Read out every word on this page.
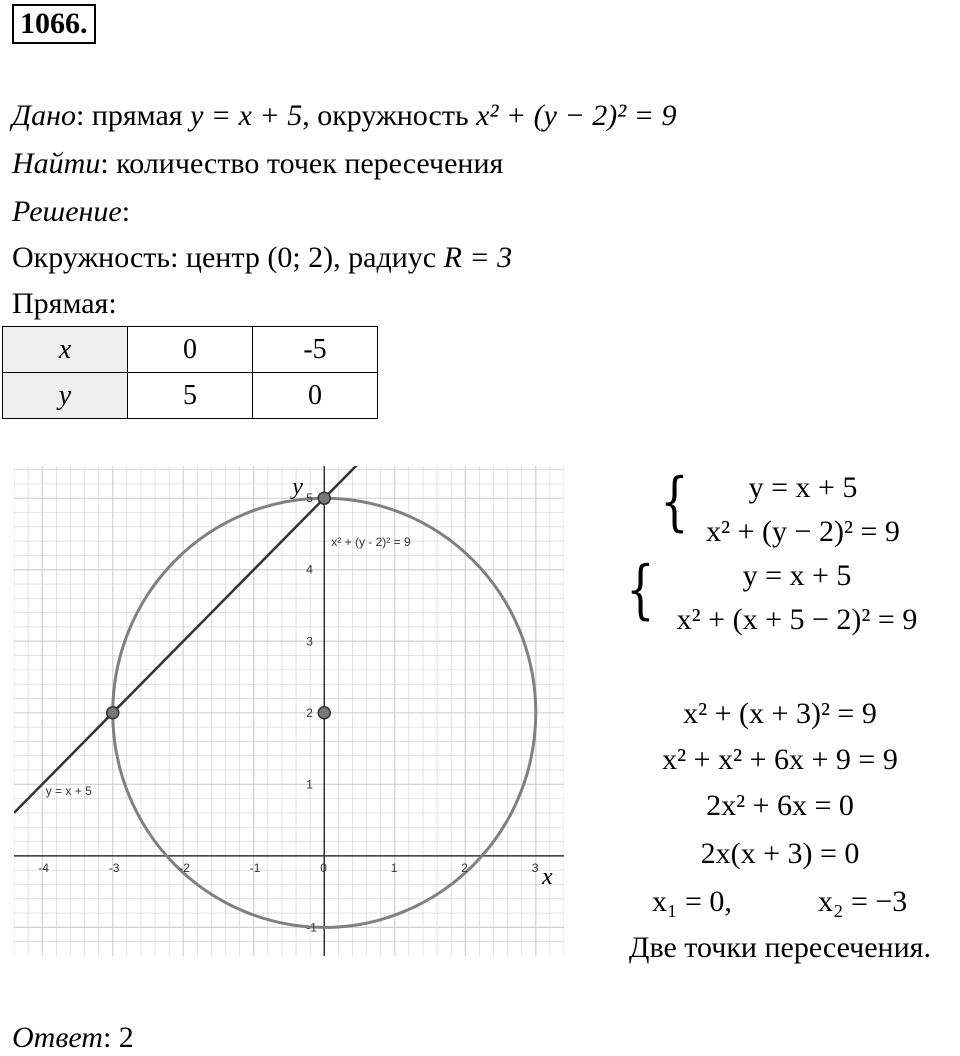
1066.
Дано: прямая y = x + 5, окружность x² + (y − 2)² = 9
Найти: количество точек пересечения
Решение:
Окружность: центр (0; 2), радиус R = 3
Прямая:
x	0	-5
y	5	0
-4	-3	-2	-1	0	1	2	3
-1
1
2
3
4
5
x
y
y = x + 5
x² + (y - 2)² = 9
{	y = x + 5
x² + (y − 2)² = 9
{	y = x + 5
x² + (x + 5 − 2)² = 9
x² + (x + 3)² = 9
x² + x² + 6x + 9 = 9
2x² + 6x = 0
2x(x + 3) = 0
x₁ = 0,	x₂ = −3
Две точки пересечения.
Ответ: 2
